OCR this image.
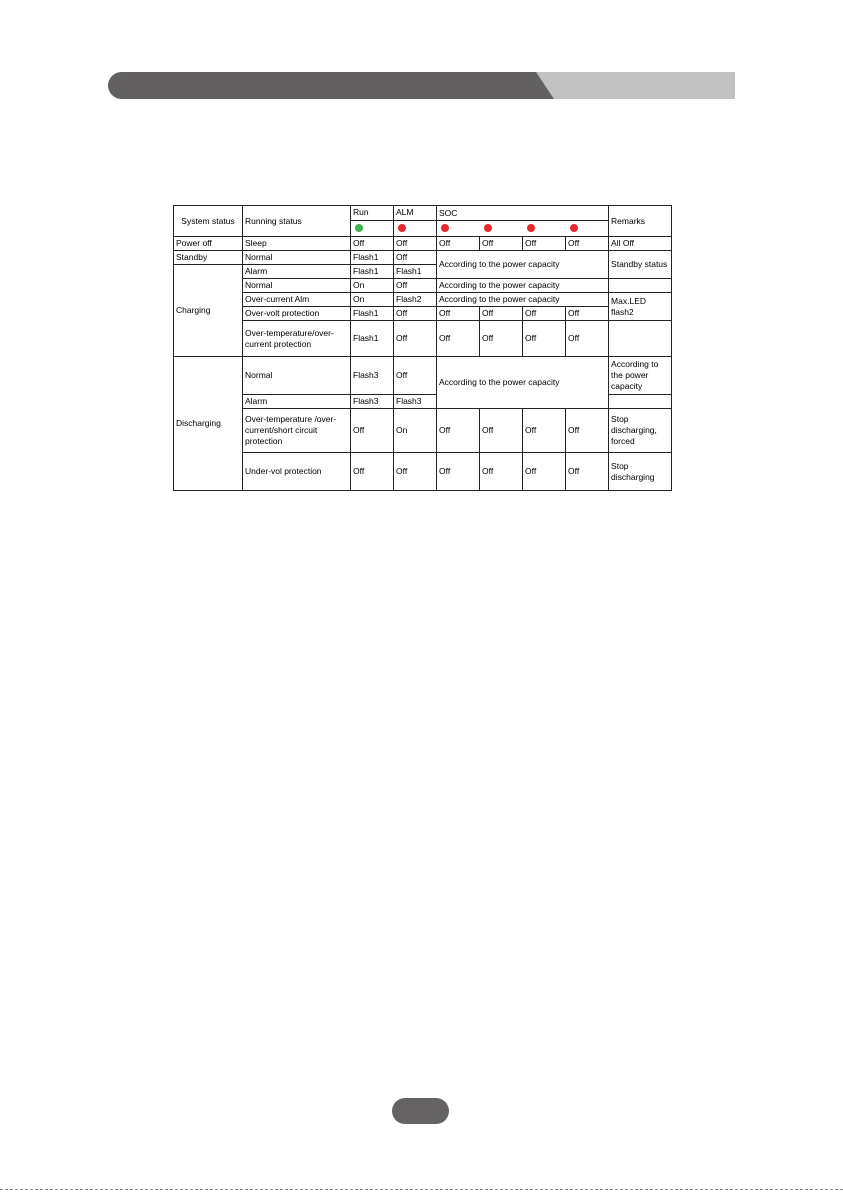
System status	Running status	Run	ALM	SOC				Remarks

Power off	Sleep	Off	Off	Off	Off	Off	Off	All Off
Standby	Normal	Flash1	Off	According to the power capacity				Standby status
Charging	Alarm	Flash1	Flash1					
	Normal	On	Off	According to the power capacity				
	Over-current Alm	On	Flash2	According to the power capacity				Max.LED flash2
	Over-volt protection	Flash1	Off	Off	Off	Off	Off	
	Over-temperature/over-current protection	Flash1	Off	Off	Off	Off	Off	
Discharging	Normal	Flash3	Off	According to the power capacity				According to the power capacity
	Alarm	Flash3	Flash3					
	Over-temperature /over-current/short circuit protection	Off	On	Off	Off	Off	Off	Stop discharging, forced
	Under-vol protection	Off	Off	Off	Off	Off	Off	Stop discharging
